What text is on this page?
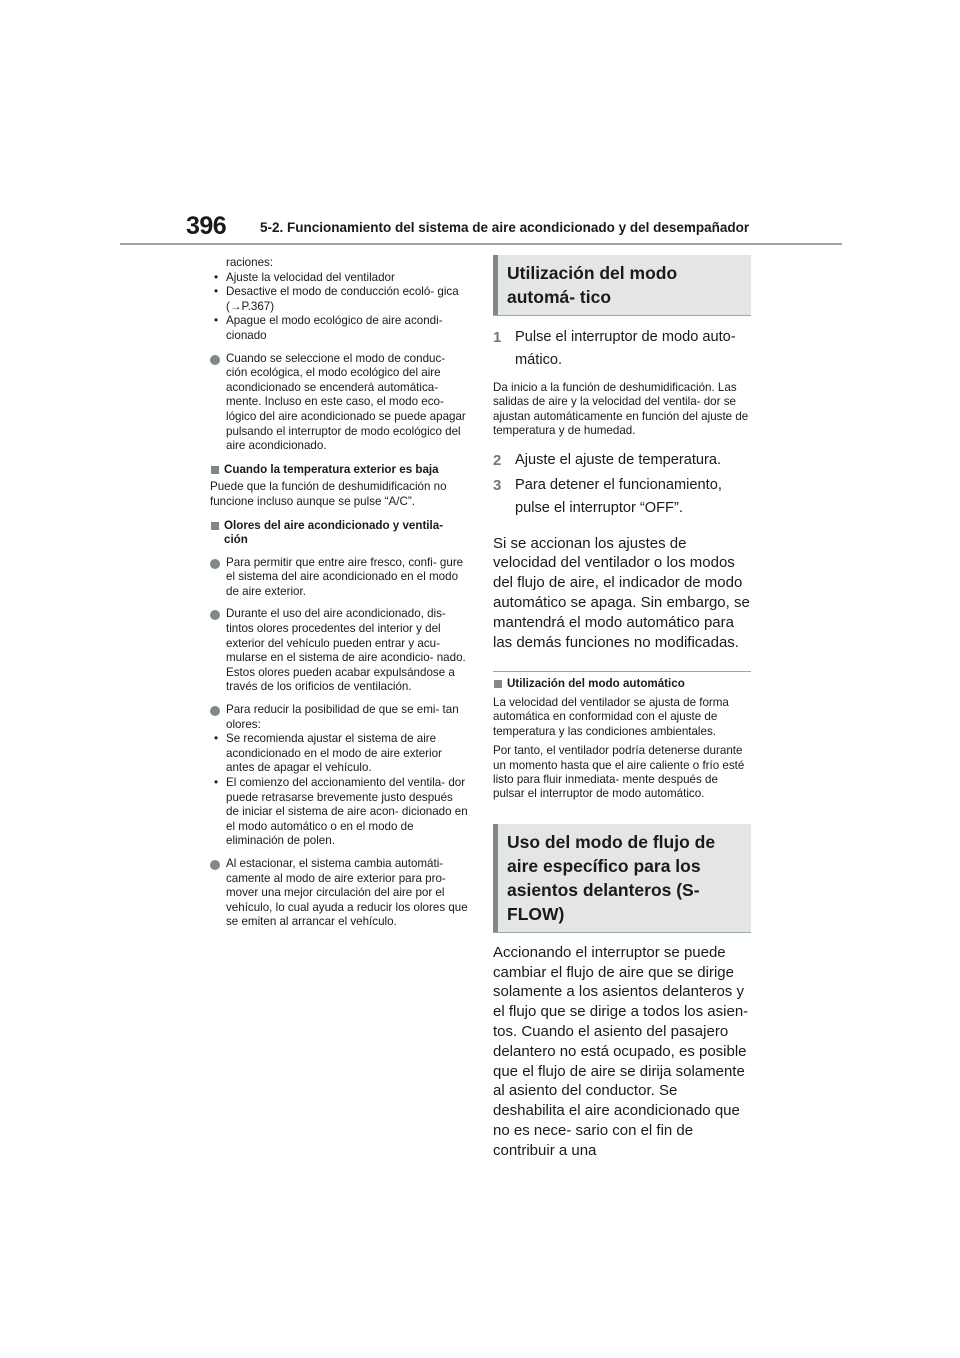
396	5-2. Funcionamiento del sistema de aire acondicionado y del desempañador
raciones:
• Ajuste la velocidad del ventilador
• Desactive el modo de conducción ecoló- gica (→P.367)
• Apague el modo ecológico de aire acondi- cionado
Cuando se seleccione el modo de conduc- ción ecológica, el modo ecológico del aire acondicionado se encenderá automática- mente. Incluso en este caso, el modo eco- lógico del aire acondicionado se puede apagar pulsando el interruptor de modo ecológico del aire acondicionado.
Cuando la temperatura exterior es baja
Puede que la función de deshumidificación no funcione incluso aunque se pulse “A/C”.
Olores del aire acondicionado y ventila- ción
Para permitir que entre aire fresco, confi- gure el sistema del aire acondicionado en el modo de aire exterior.
Durante el uso del aire acondicionado, dis- tintos olores procedentes del interior y del exterior del vehículo pueden entrar y acu- mularse en el sistema de aire acondicio- nado. Estos olores pueden acabar expulsándose a través de los orificios de ventilación.
Para reducir la posibilidad de que se emi- tan olores:
• Se recomienda ajustar el sistema de aire acondicionado en el modo de aire exterior antes de apagar el vehículo.
• El comienzo del accionamiento del ventila- dor puede retrasarse brevemente justo después de iniciar el sistema de aire acon- dicionado en el modo automático o en el modo de eliminación de polen.
Al estacionar, el sistema cambia automáti- camente al modo de aire exterior para pro- mover una mejor circulación del aire por el vehículo, lo cual ayuda a reducir los olores que se emiten al arrancar el vehículo.
Utilización del modo automá- tico
1 Pulse el interruptor de modo auto- mático.
Da inicio a la función de deshumidificación. Las salidas de aire y la velocidad del ventila- dor se ajustan automáticamente en función del ajuste de temperatura y de humedad.
2 Ajuste el ajuste de temperatura.
3 Para detener el funcionamiento, pulse el interruptor “OFF”.
Si se accionan los ajustes de velocidad del ventilador o los modos del flujo de aire, el indicador de modo automático se apaga. Sin embargo, se mantendrá el modo automático para las demás funciones no modificadas.
Utilización del modo automático
La velocidad del ventilador se ajusta de forma automática en conformidad con el ajuste de temperatura y las condiciones ambientales.
Por tanto, el ventilador podría detenerse durante un momento hasta que el aire caliente o frío esté listo para fluir inmediata- mente después de pulsar el interruptor de modo automático.
Uso del modo de flujo de aire específico para los asientos delanteros (S-FLOW)
Accionando el interruptor se puede cambiar el flujo de aire que se dirige solamente a los asientos delanteros y el flujo que se dirige a todos los asien- tos. Cuando el asiento del pasajero delantero no está ocupado, es posible que el flujo de aire se dirija solamente al asiento del conductor. Se deshabilita el aire acondicionado que no es nece- sario con el fin de contribuir a una
